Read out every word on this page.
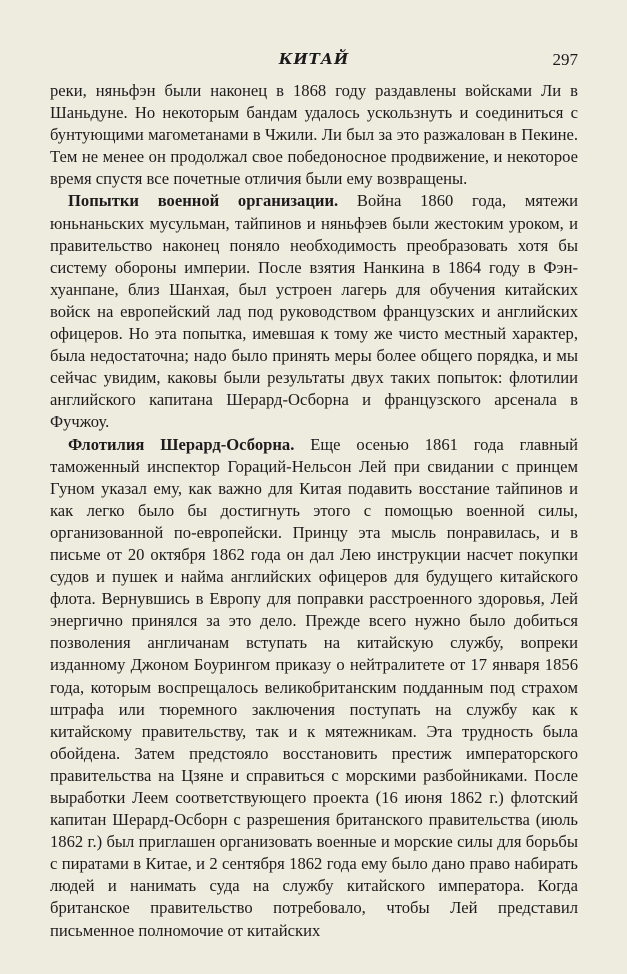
КИТАЙ	297

реки, няньфэн были наконец в 1868 году раздавлены войсками Ли в Шаньдуне. Но некоторым бандам удалось ускользнуть и соединиться с бунтующими магометанами в Чжили. Ли был за это разжалован в Пекине. Тем не менее он продолжал свое победоносное продвижение, и некоторое время спустя все почетные отличия были ему возвращены.

Попытки военной организации. Война 1860 года, мятежи юньнаньских мусульман, тайпинов и няньфэев были жестоким уроком, и правительство наконец поняло необходимость преобразовать хотя бы систему обороны империи. После взятия Нанкина в 1864 году в Фэн-хуанпане, близ Шанхая, был устроен лагерь для обучения китайских войск на европейский лад под руководством французских и английских офицеров. Но эта попытка, имевшая к тому же чисто местный характер, была недостаточна; надо было принять меры более общего порядка, и мы сейчас увидим, каковы были результаты двух таких попыток: флотилии английского капитана Шерард-Осборна и французского арсенала в Фучжоу.

Флотилия Шерард-Осборна. Еще осенью 1861 года главный таможенный инспектор Гораций-Нельсон Лей при свидании с принцем Гуном указал ему, как важно для Китая подавить восстание тайпинов и как легко было бы достигнуть этого с помощью военной силы, организованной по-европейски. Принцу эта мысль понравилась, и в письме от 20 октября 1862 года он дал Лею инструкции насчет покупки судов и пушек и найма английских офицеров для будущего китайского флота. Вернувшись в Европу для поправки расстроенного здоровья, Лей энергично принялся за это дело. Прежде всего нужно было добиться позволения англичанам вступать на китайскую службу, вопреки изданному Джоном Боурингом приказу о нейтралитете от 17 января 1856 года, которым воспрещалось великобританским подданным под страхом штрафа или тюремного заключения поступать на службу как к китайскому правительству, так и к мятежникам. Эта трудность была обойдена. Затем предстояло восстановить престиж императорского правительства на Цзяне и справиться с морскими разбойниками. После выработки Леем соответствующего проекта (16 июня 1862 г.) флотский капитан Шерард-Осборн с разрешения британского правительства (июль 1862 г.) был приглашен организовать военные и морские силы для борьбы с пиратами в Китае, и 2 сентября 1862 года ему было дано право набирать людей и нанимать суда на службу китайского императора. Когда британское правительство потребовало, чтобы Лей представил письменное полномочие от китайских
